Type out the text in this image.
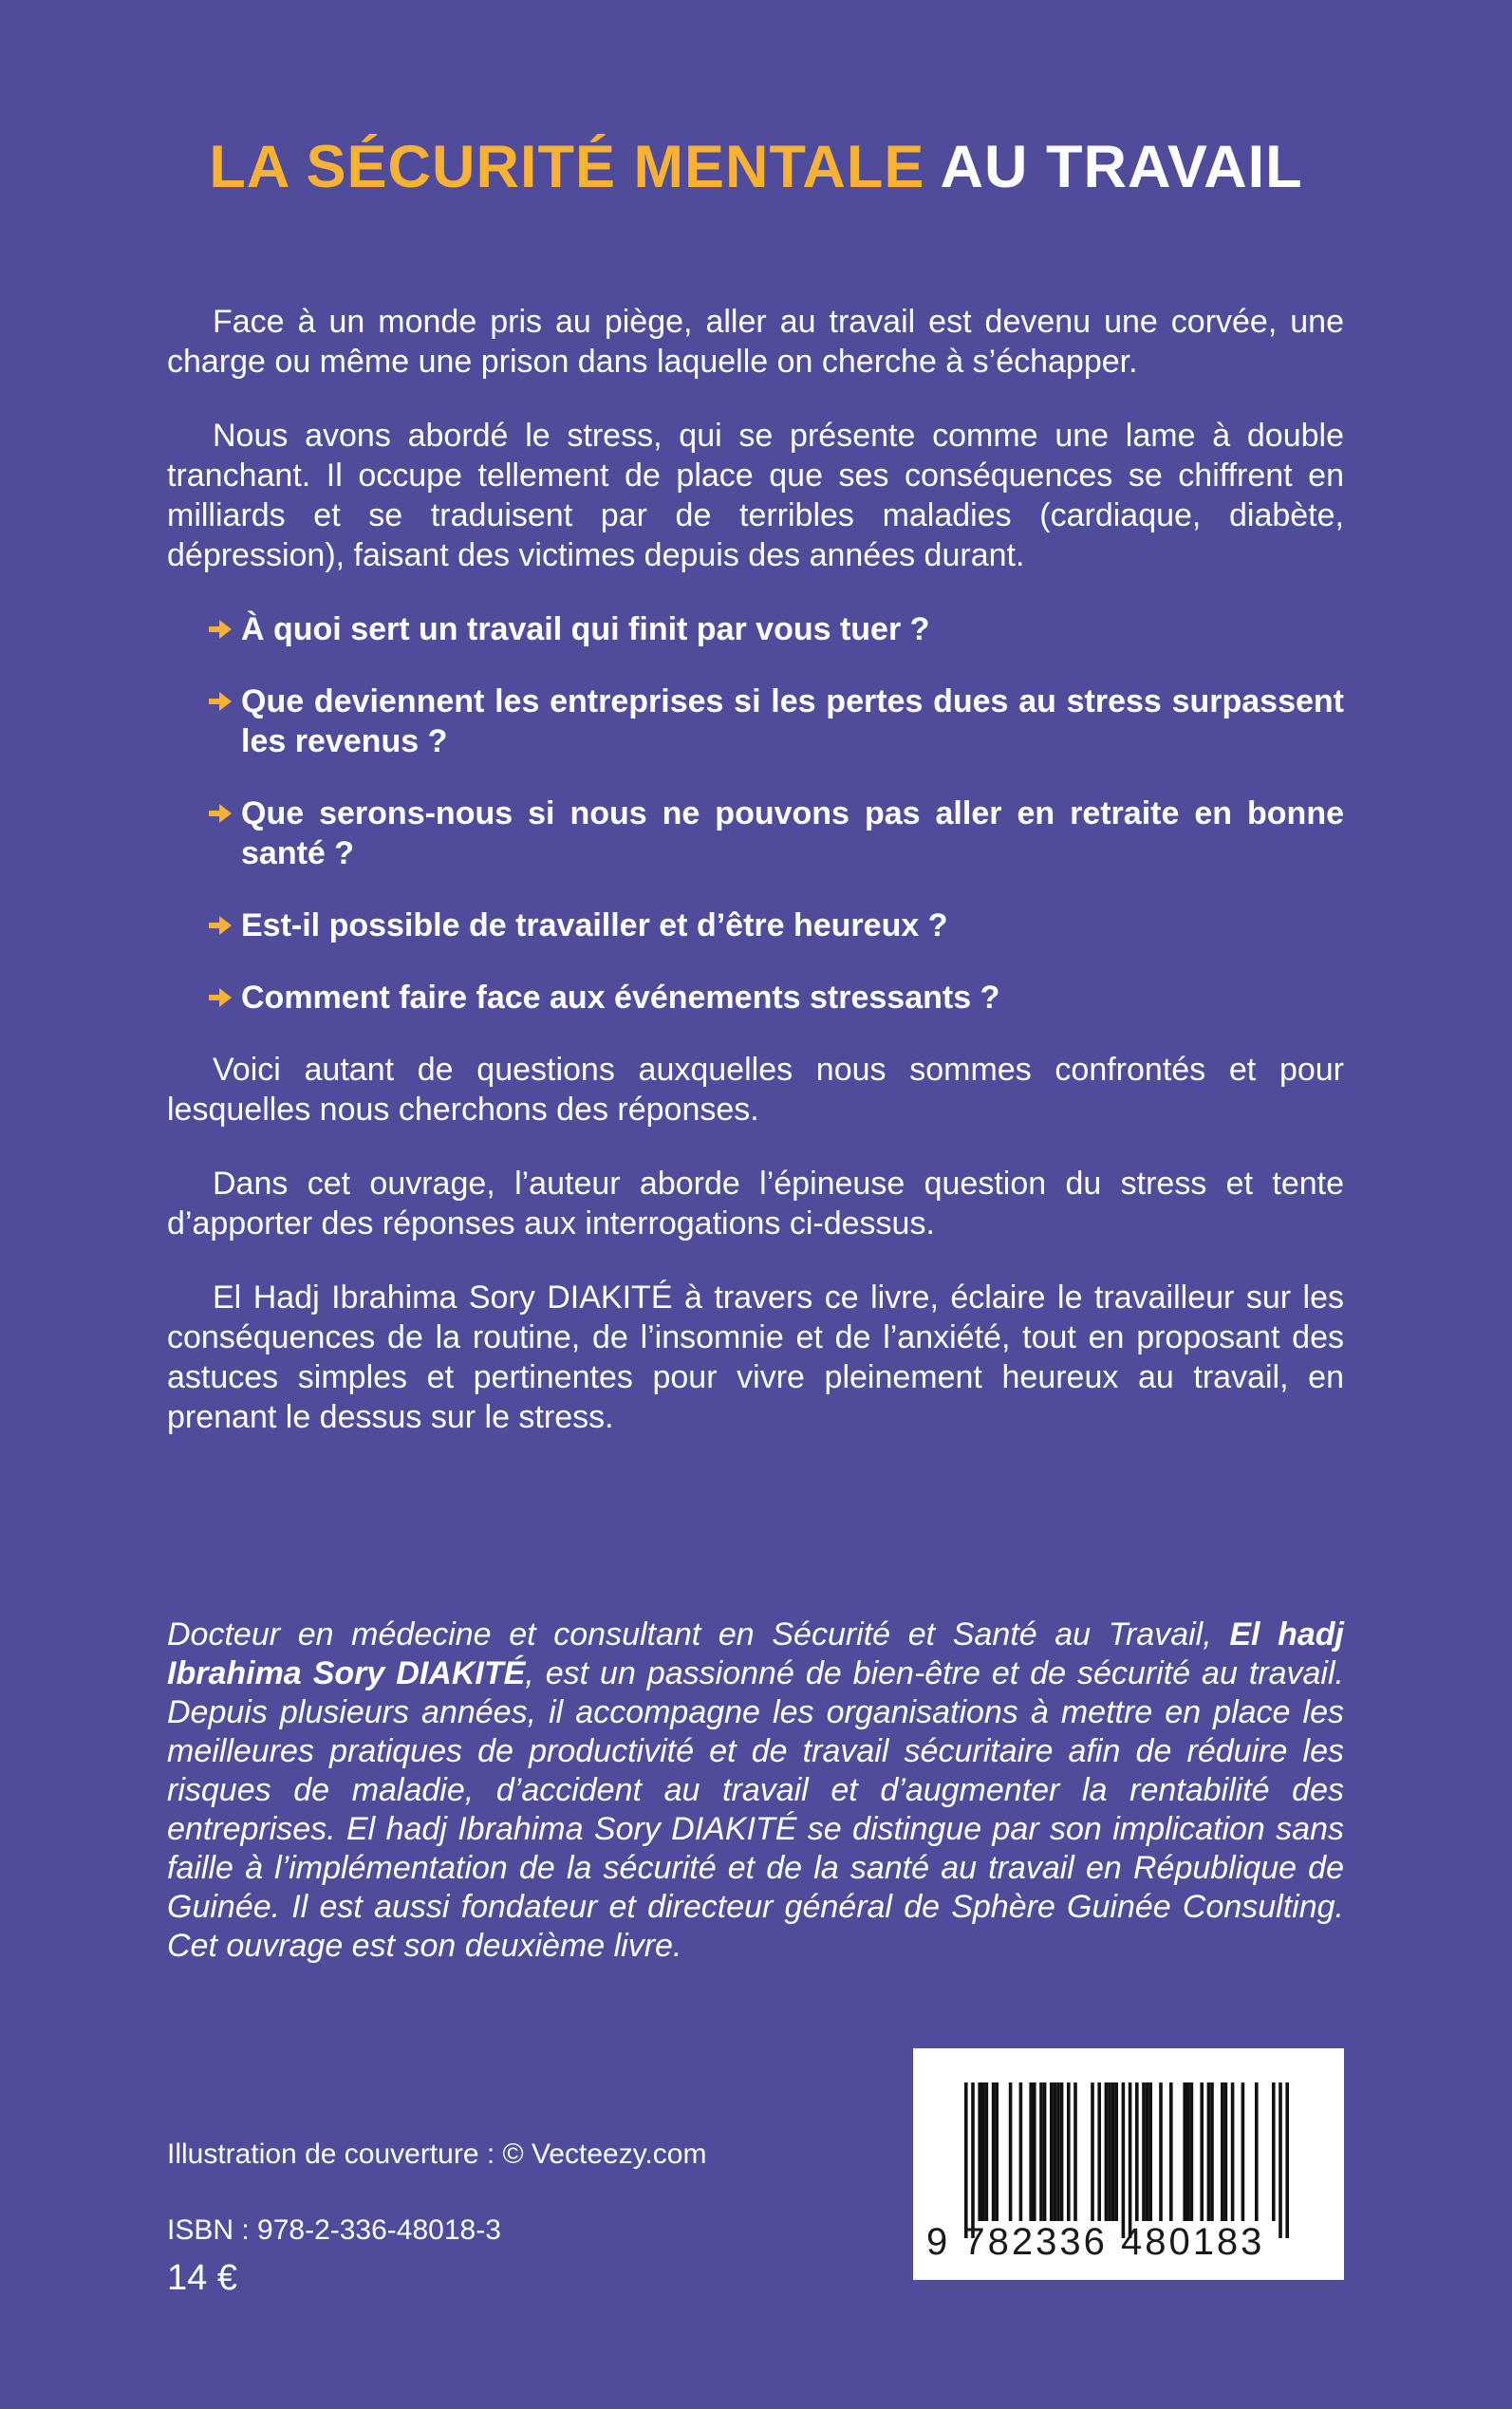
LA SÉCURITÉ MENTALE AU TRAVAIL

Face à un monde pris au piège, aller au travail est devenu une corvée, une charge ou même une prison dans laquelle on cherche à s’échapper.

Nous avons abordé le stress, qui se présente comme une lame à double tranchant. Il occupe tellement de place que ses conséquences se chiffrent en milliards et se traduisent par de terribles maladies (cardiaque, diabète, dépression), faisant des victimes depuis des années durant.

À quoi sert un travail qui finit par vous tuer ?
Que deviennent les entreprises si les pertes dues au stress surpassent les revenus ?
Que serons-nous si nous ne pouvons pas aller en retraite en bonne santé ?
Est-il possible de travailler et d’être heureux ?
Comment faire face aux événements stressants ?

Voici autant de questions auxquelles nous sommes confrontés et pour lesquelles nous cherchons des réponses.

Dans cet ouvrage, l’auteur aborde l’épineuse question du stress et tente d’apporter des réponses aux interrogations ci-dessus.

El Hadj Ibrahima Sory DIAKITÉ à travers ce livre, éclaire le travailleur sur les conséquences de la routine, de l’insomnie et de l’anxiété, tout en proposant des astuces simples et pertinentes pour vivre pleinement heureux au travail, en prenant le dessus sur le stress.

Docteur en médecine et consultant en Sécurité et Santé au Travail, El hadj Ibrahima Sory DIAKITÉ, est un passionné de bien-être et de sécurité au travail. Depuis plusieurs années, il accompagne les organisations à mettre en place les meilleures pratiques de productivité et de travail sécuritaire afin de réduire les risques de maladie, d’accident au travail et d’augmenter la rentabilité des entreprises. El hadj Ibrahima Sory DIAKITÉ se distingue par son implication sans faille à l’implémentation de la sécurité et de la santé au travail en République de Guinée. Il est aussi fondateur et directeur général de Sphère Guinée Consulting. Cet ouvrage est son deuxième livre.
Illustration de couverture : © Vecteezy.com
ISBN : 978-2-336-48018-3
14 €
9 782336 480183
